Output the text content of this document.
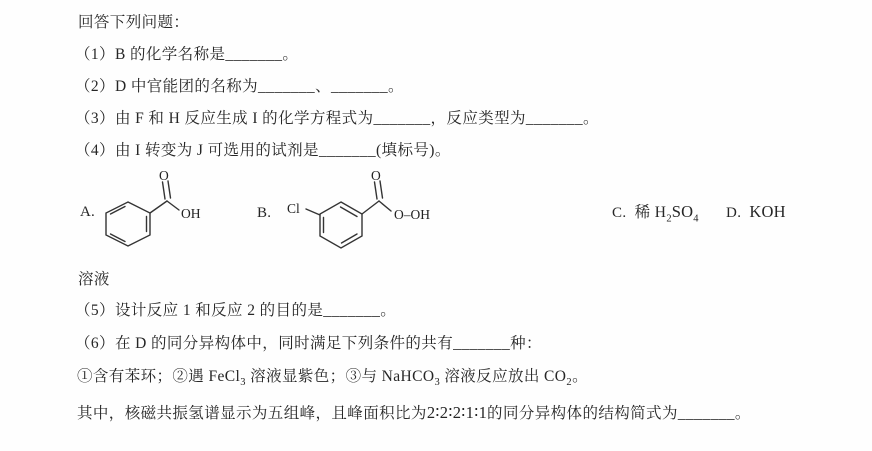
回答下列问题：
（1）B 的化学名称是_______。
（2）D 中官能团的名称为_______、_______。
（3）由 F 和 H 反应生成 I 的化学方程式为_______，反应类型为_______。
（4）由 I 转变为 J 可选用的试剂是_______(填标号)。
A.
O
OH	B. Cl
O
O–OH	C. 稀 $H_2SO_4$ D. KOH
溶液
（5）设计反应 1 和反应 2 的目的是_______。
（6）在 D 的同分异构体中，同时满足下列条件的共有_______种：
①含有苯环；②遇 FeCl$_3$ 溶液显紫色；③与 NaHCO$_3$ 溶液反应放出 $CO_2$。
其中，核磁共振氢谱显示为五组峰，且峰面积比为2∶2∶2∶1∶1的同分异构体的结构简式为_______。
